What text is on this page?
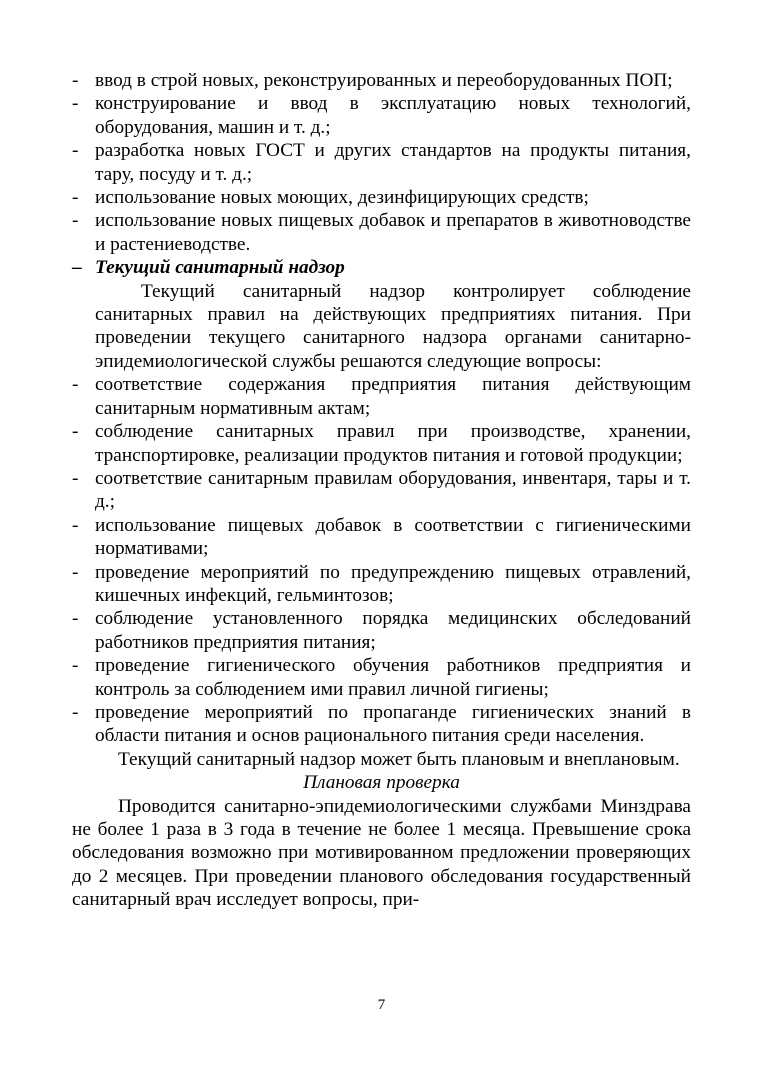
- ввод в строй новых, реконструированных и переоборудованных ПОП;
- конструирование и ввод в эксплуатацию новых технологий, оборудования, машин и т. д.;
- разработка новых ГОСТ и других стандартов на продукты питания, тару, посуду и т. д.;
- использование новых моющих, дезинфицирующих средств;
- использование новых пищевых добавок и препаратов в животноводстве и растениеводстве.
– Текущий санитарный надзор
Текущий санитарный надзор контролирует соблюдение санитарных правил на действующих предприятиях питания. При проведении текущего санитарного надзора органами санитарно-эпидемиологической службы решаются следующие вопросы:
- соответствие содержания предприятия питания действующим санитарным нормативным актам;
- соблюдение санитарных правил при производстве, хранении, транспортировке, реализации продуктов питания и готовой продукции;
- соответствие санитарным правилам оборудования, инвентаря, тары и т. д.;
- использование пищевых добавок в соответствии с гигиеническими нормативами;
- проведение мероприятий по предупреждению пищевых отравлений, кишечных инфекций, гельминтозов;
- соблюдение установленного порядка медицинских обследований работников предприятия питания;
- проведение гигиенического обучения работников предприятия и контроль за соблюдением ими правил личной гигиены;
- проведение мероприятий по пропаганде гигиенических знаний в области питания и основ рационального питания среди населения.
Текущий санитарный надзор может быть плановым и внеплановым.
Плановая проверка
Проводится санитарно-эпидемиологическими службами Минздрава не более 1 раза в 3 года в течение не более 1 месяца. Превышение срока обследования возможно при мотивированном предложении проверяющих до 2 месяцев. При проведении планового обследования государственный санитарный врач исследует вопросы, при-
7
